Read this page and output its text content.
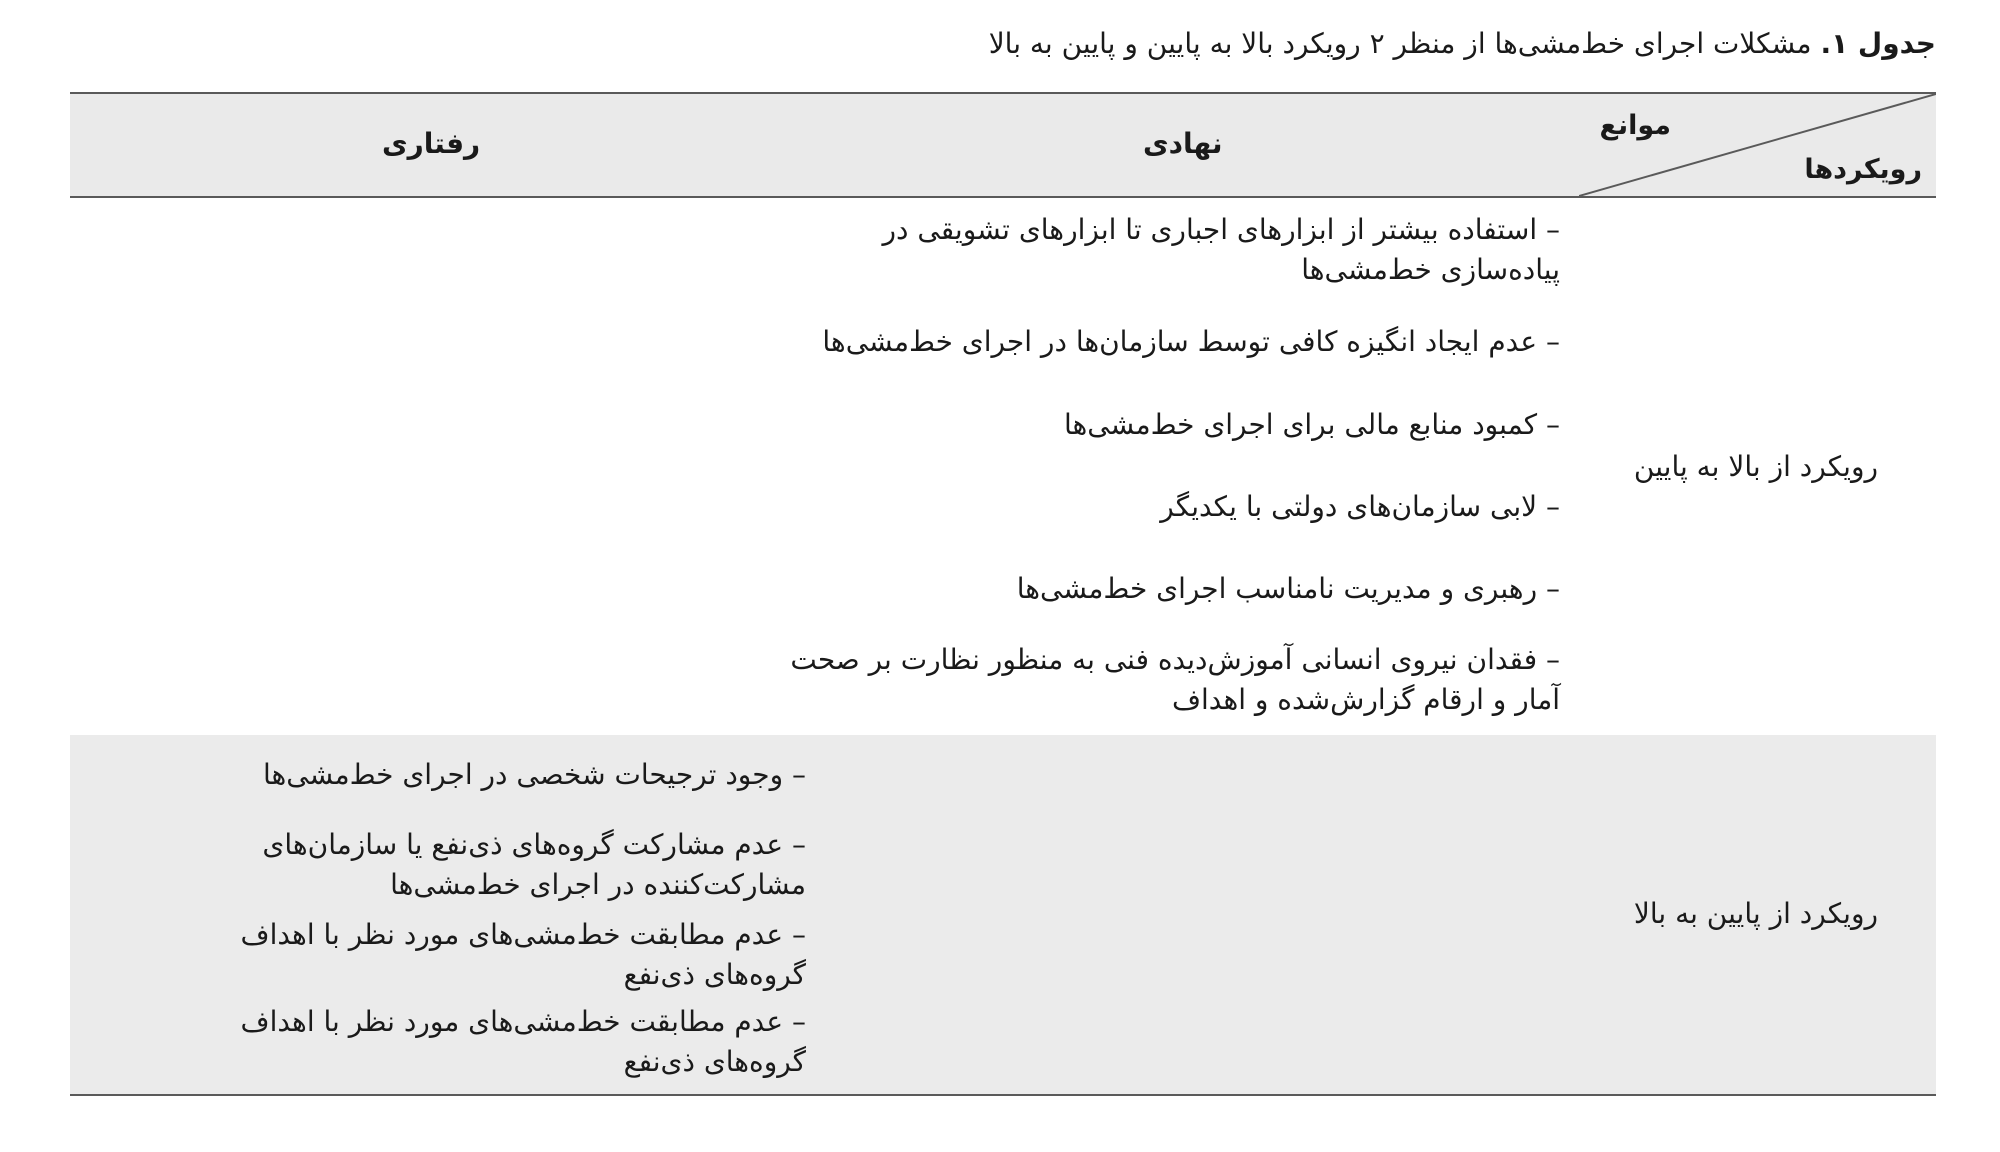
جدول ۱. مشکلات اجرای خط‌مشی‌ها از منظر ۲ رویکرد بالا به پایین و پایین به بالا
موانع
رویکردها
نهادی
رفتاری
رویکرد از بالا به پایین
رویکرد از پایین به بالا
– استفاده بیشتر از ابزارهای اجباری تا ابزارهای تشویقی در پیاده‌سازی خط‌مشی‌ها
– عدم ایجاد انگیزه کافی توسط سازمان‌ها در اجرای خط‌مشی‌ها
– کمبود منابع مالی برای اجرای خط‌مشی‌ها
– لابی سازمان‌های دولتی با یکدیگر
– رهبری و مدیریت نامناسب اجرای خط‌مشی‌ها
– فقدان نیروی انسانی آموزش‌دیده فنی به منظور نظارت بر صحت آمار و ارقام گزارش‌شده و اهداف
– وجود ترجیحات شخصی در اجرای خط‌مشی‌ها
– عدم مشارکت گروه‌های ذی‌نفع یا سازمان‌های مشارکت‌کننده در اجرای خط‌مشی‌ها
– عدم مطابقت خط‌مشی‌های مورد نظر با اهداف گروه‌های ذی‌نفع
– عدم مطابقت خط‌مشی‌های مورد نظر با اهداف گروه‌های ذی‌نفع
